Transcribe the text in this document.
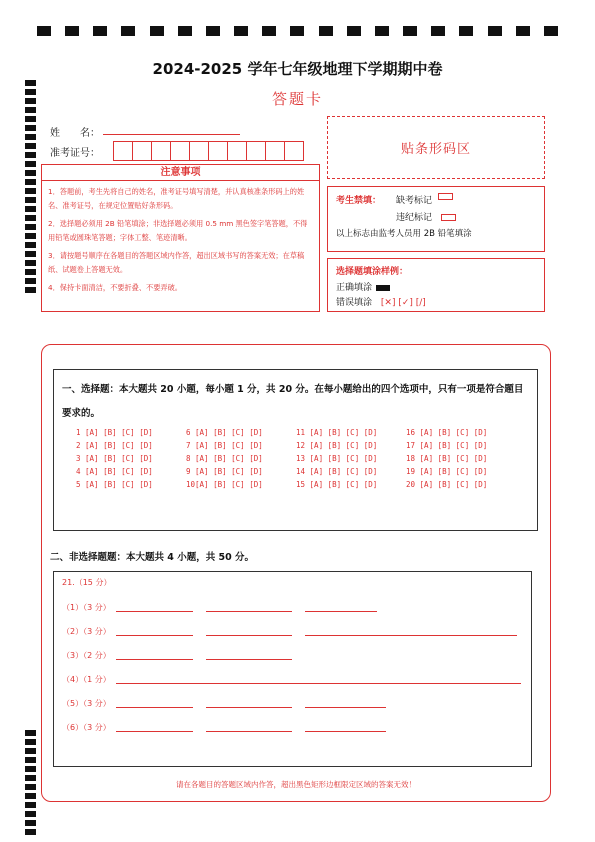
2024-2025 学年七年级地理下学期期中卷
答题卡
姓　　名：
准考证号：	贴条形码区
注意事项
1．答题前，考生先将自己的姓名，准考证号填写清楚，并认真核准条形码上的姓名、准考证号，在规定位置贴好条形码。
2．选择题必须用 2B 铅笔填涂；非选择题必须用 0.5 mm 黑色签字笔答题，不得用铅笔或圆珠笔答题；字体工整、笔迹清晰。
3．请按题号顺序在各题目的答题区域内作答，超出区域书写的答案无效；在草稿纸、试题卷上答题无效。
4．保持卡面清洁，不要折叠、不要弄破。
考生禁填：	缺考标记
违纪标记
以上标志由监考人员用 2B 铅笔填涂
选择题填涂样例：
正确填涂
错误填涂 [✕] [✓] [/]
一、选择题：本大题共 20 小题，每小题 1 分，共 20 分。在每小题给出的四个选项中，只有一项是符合题目要求的。
1 [A] [B] [C] [D]
2 [A] [B] [C] [D]
3 [A] [B] [C] [D]
4 [A] [B] [C] [D]
5 [A] [B] [C] [D]
6 [A] [B] [C] [D]
7 [A] [B] [C] [D]
8 [A] [B] [C] [D]
9 [A] [B] [C] [D]
10[A] [B] [C] [D]
11 [A] [B] [C] [D]
12 [A] [B] [C] [D]
13 [A] [B] [C] [D]
14 [A] [B] [C] [D]
15 [A] [B] [C] [D]
16 [A] [B] [C] [D]
17 [A] [B] [C] [D]
18 [A] [B] [C] [D]
19 [A] [B] [C] [D]
20 [A] [B] [C] [D]
二、非选择题题：本大题共 4 小题，共 50 分。
21.（15 分）
（1）（3 分）
（2）（3 分）
（3）（2 分）
（4）（1 分）
（5）（3 分）
（6）（3 分）
请在各题目的答题区域内作答，超出黑色矩形边框限定区域的答案无效！
